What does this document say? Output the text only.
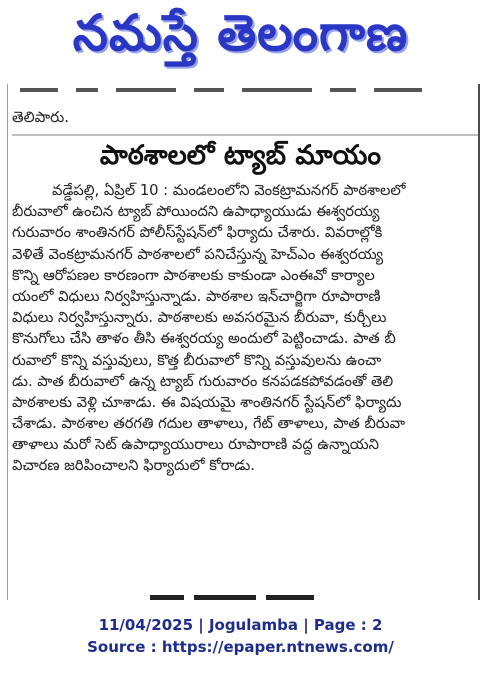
నమస్తే తెలంగాణ
తెలిపారు.
పాఠశాలలో ట్యాబ్ మాయం
వడ్డేపల్లి, ఏప్రిల్ 10 : మండలంలోని వెంకట్రామనగర్ పాఠశాలలో
బీరువాలో ఉంచిన ట్యాబ్ పోయిందని ఉపాధ్యాయుడు ఈశ్వరయ్య
గురువారం శాంతినగర్ పోలీస్‌స్టేషన్‌లో ఫిర్యాదు చేశారు. వివరాల్లోకి
వెళితే వెంకట్రామనగర్ పాఠశాలలో పనిచేస్తున్న హెచ్‌ఎం ఈశ్వరయ్య
కొన్ని ఆరోపణల కారణంగా పాఠశాలకు కాకుండా ఎంఈవో కార్యాల
యంలో విధులు నిర్వహిస్తున్నాడు. పాఠశాల ఇన్‌చార్జిగా రూపారాణి
విధులు నిర్వహిస్తున్నారు. పాఠశాలకు అవసరమైన బీరువా, కుర్చీలు
కొనుగోలు చేసి తాళం తీసి ఈశ్వరయ్య అందులో పెట్టించాడు. పాత బీ
రువాలో కొన్ని వస్తువులు, కొత్త బీరువాలో కొన్ని వస్తువులను ఉంచా
డు. పాత బీరువాలో ఉన్న ట్యాబ్ గురువారం కనపడకపోవడంతో తెలి
పాఠశాలకు వెళ్లి చూశాడు. ఈ విషయమై శాంతినగర్ స్టేషన్‌లో ఫిర్యాదు
చేశాడు. పాఠశాల తరగతి గదుల తాళాలు, గేట్ తాళాలు, పాత బీరువా
తాళాలు మరో సెట్ ఉపాధ్యాయురాలు రూపారాణి వద్ద ఉన్నాయని
విచారణ జరిపించాలని ఫిర్యాదులో కోరాడు.
11/04/2025 | Jogulamba | Page : 2
Source : https://epaper.ntnews.com/
